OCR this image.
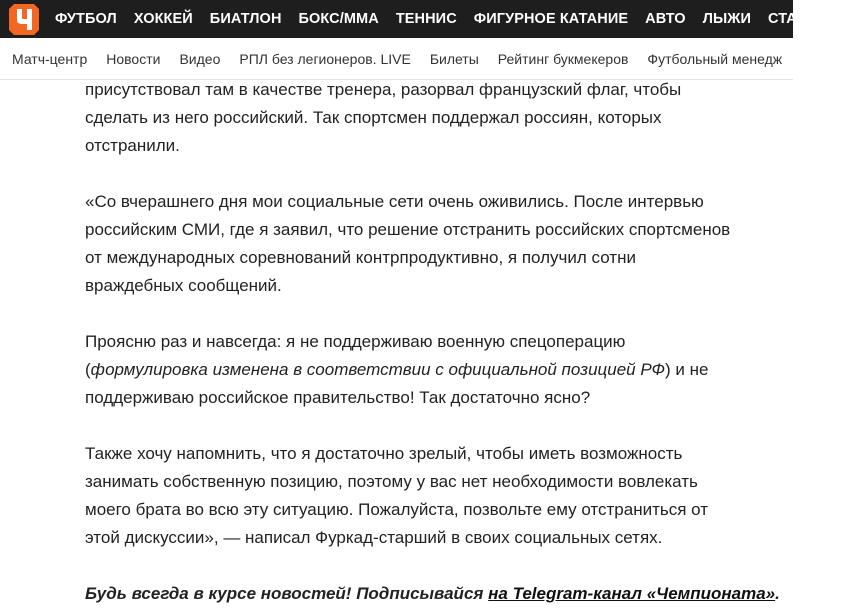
ФУТБОЛ ХОККЕЙ БИАТЛОН БОКС/ММА ТЕННИС ФИГУРНОЕ КАТАНИЕ АВТО ЛЫЖИ СТАВКИ
Матч-центр Новости Видео РПЛ без легионеров. LIVE Билеты Рейтинг букмекеров Футбольный менедж

присутствовал там в качестве тренера, разорвал французский флаг, чтобы
сделать из него российский. Так спортсмен поддержал россиян, которых
отстранили.

«Со вчерашнего дня мои социальные сети очень оживились. После интервью
российским СМИ, где я заявил, что решение отстранить российских спортсменов
от международных соревнований контрпродуктивно, я получил сотни
враждебных сообщений.

Проясню раз и навсегда: я не поддерживаю военную спецоперацию
(формулировка изменена в соответствии с официальной позицией РФ) и не
поддерживаю российское правительство! Так достаточно ясно?

Также хочу напомнить, что я достаточно зрелый, чтобы иметь возможность
занимать собственную позицию, поэтому у вас нет необходимости вовлекать
моего брата во всю эту ситуацию. Пожалуйста, позвольте ему отстраниться от
этой дискуссии», — написал Фуркад-старший в своих социальных сетях.

Будь всегда в курсе новостей! Подписывайся на Telegram-канал «Чемпионата».
